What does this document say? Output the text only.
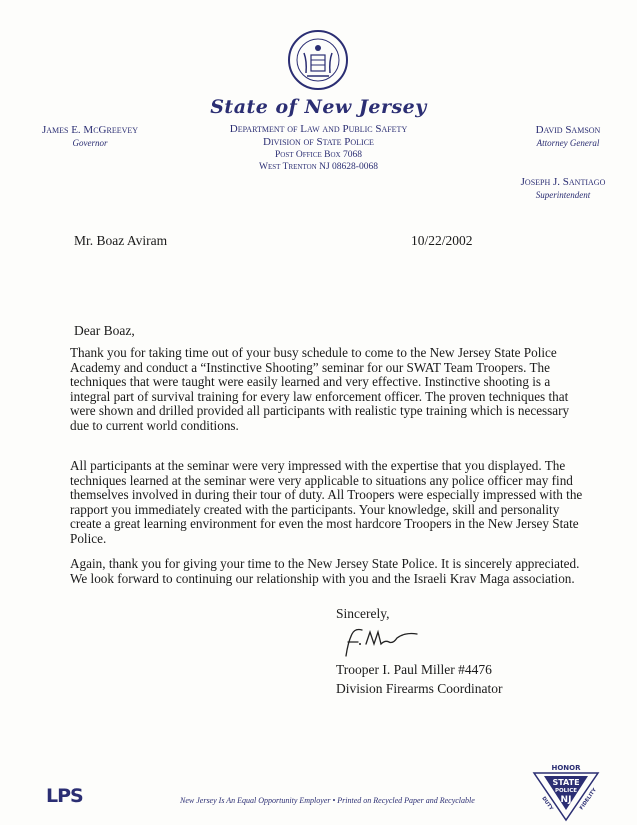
State of New Jersey
Department of Law and Public Safety
Division of State Police
Post Office Box 7068
West Trenton NJ 08628-0068
James E. McGreevey
Governor
David Samson
Attorney General
Joseph J. Santiago
Superintendent
Mr. Boaz Aviram	10/22/2002
Dear Boaz,
Thank you for taking time out of your busy schedule to come to the New Jersey State Police Academy and conduct a “Instinctive Shooting” seminar for our SWAT Team Troopers. The techniques that were taught were easily learned and very effective. Instinctive shooting is a integral part of survival training for every law enforcement officer. The proven techniques that were shown and drilled provided all participants with realistic type training which is necessary due to current world conditions.
All participants at the seminar were very impressed with the expertise that you displayed. The techniques learned at the seminar were very applicable to situations any police officer may find themselves involved in during their tour of duty. All Troopers were especially impressed with the rapport you immediately created with the participants. Your knowledge, skill and personality create a great learning environment for even the most hardcore Troopers in the New Jersey State Police.
Again, thank you for giving your time to the New Jersey State Police. It is sincerely appreciated. We look forward to continuing our relationship with you and the Israeli Krav Maga association.
Sincerely,
Trooper I. Paul Miller #4476
Division Firearms Coordinator
LPS	New Jersey Is An Equal Opportunity Employer • Printed on Recycled Paper and Recyclable
HONOR
STATE
POLICE
NJ
DUTY	FIDELITY
